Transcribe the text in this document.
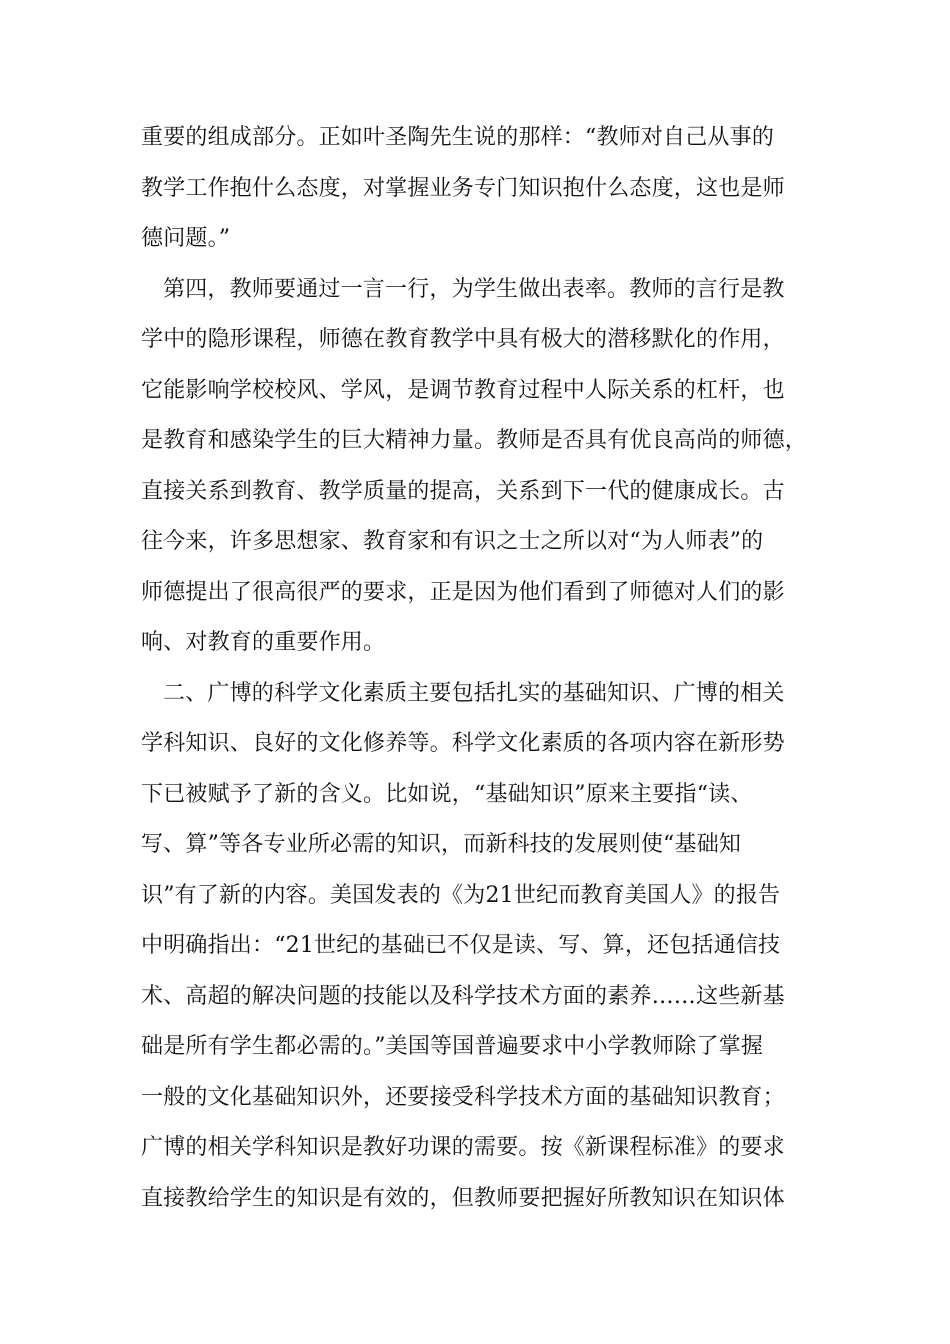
重要的组成部分。正如叶圣陶先生说的那样：“教师对自己从事的
教学工作抱什么态度，对掌握业务专门知识抱什么态度，这也是师
德问题。”
第四，教师要通过一言一行，为学生做出表率。教师的言行是教
学中的隐形课程，师德在教育教学中具有极大的潜移默化的作用，
它能影响学校校风、学风，是调节教育过程中人际关系的杠杆，也
是教育和感染学生的巨大精神力量。教师是否具有优良高尚的师德，
直接关系到教育、教学质量的提高，关系到下一代的健康成长。古
往今来，许多思想家、教育家和有识之士之所以对“为人师表”的
师德提出了很高很严的要求，正是因为他们看到了师德对人们的影
响、对教育的重要作用。
二、广博的科学文化素质主要包括扎实的基础知识、广博的相关
学科知识、良好的文化修养等。科学文化素质的各项内容在新形势
下已被赋予了新的含义。比如说，“基础知识”原来主要指“读、
写、算”等各专业所必需的知识，而新科技的发展则使“基础知
识”有了新的内容。美国发表的《为21世纪而教育美国人》的报告
中明确指出：“21世纪的基础已不仅是读、写、算，还包括通信技
术、高超的解决问题的技能以及科学技术方面的素养……这些新基
础是所有学生都必需的。”美国等国普遍要求中小学教师除了掌握
一般的文化基础知识外，还要接受科学技术方面的基础知识教育；
广博的相关学科知识是教好功课的需要。按《新课程标准》的要求
直接教给学生的知识是有效的，但教师要把握好所教知识在知识体
